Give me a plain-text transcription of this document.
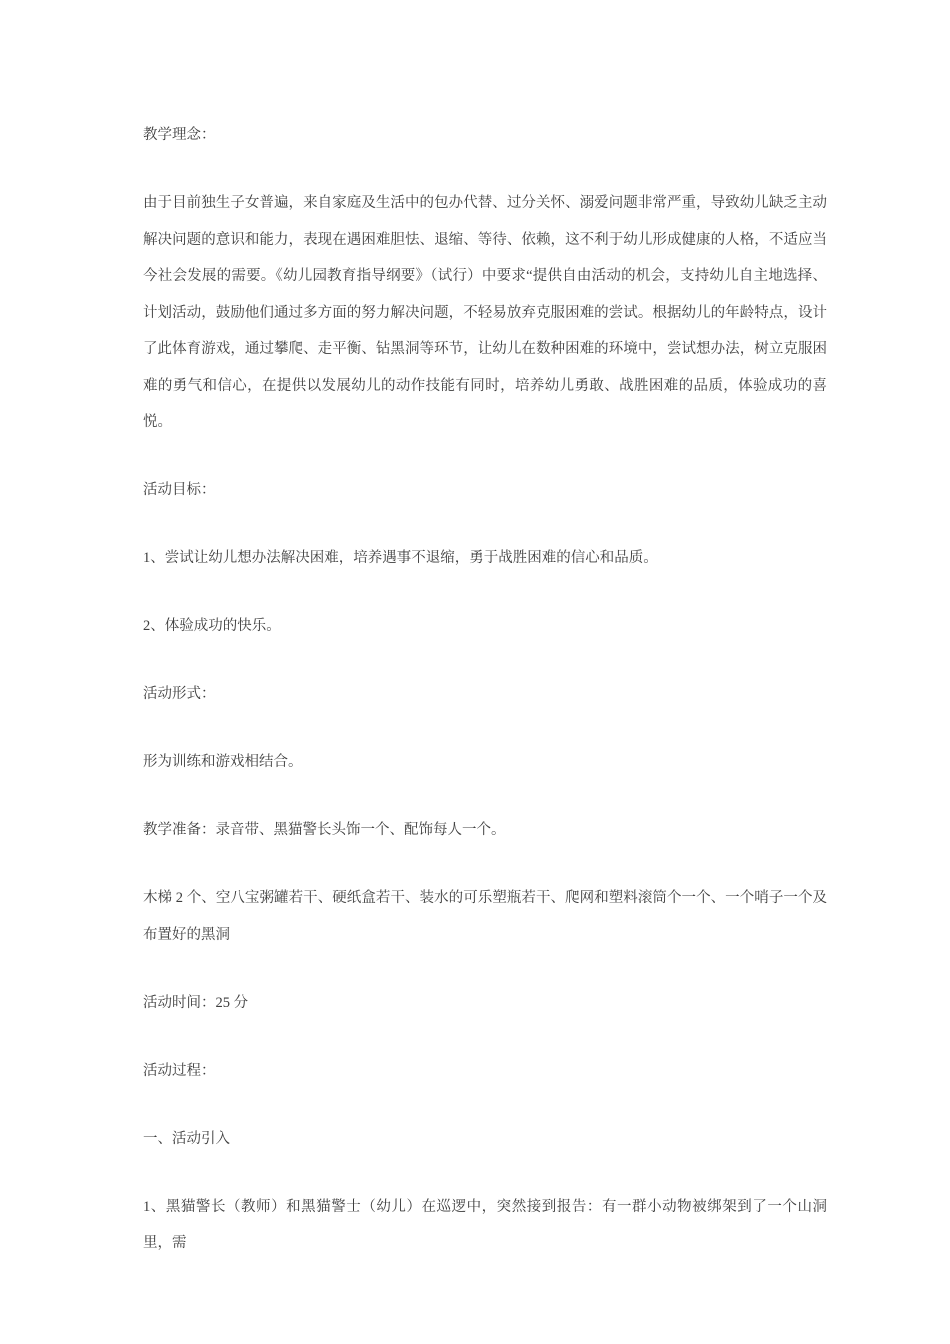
教学理念：

由于目前独生子女普遍，来自家庭及生活中的包办代替、过分关怀、溺爱问题非常严重，导致幼儿缺乏主动解决问题的意识和能力，表现在遇困难胆怯、退缩、等待、依赖，这不利于幼儿形成健康的人格，不适应当今社会发展的需要。《幼儿园教育指导纲要》（试行）中要求“提供自由活动的机会，支持幼儿自主地选择、计划活动，鼓励他们通过多方面的努力解决问题，不轻易放弃克服困难的尝试。根据幼儿的年龄特点，设计了此体育游戏，通过攀爬、走平衡、钻黑洞等环节，让幼儿在数种困难的环境中，尝试想办法，树立克服困难的勇气和信心，在提供以发展幼儿的动作技能有同时，培养幼儿勇敢、战胜困难的品质，体验成功的喜悦。

活动目标：

1、尝试让幼儿想办法解决困难，培养遇事不退缩，勇于战胜困难的信心和品质。

2、体验成功的快乐。

活动形式：

形为训练和游戏相结合。

教学准备：录音带、黑猫警长头饰一个、配饰每人一个。

木梯 2 个、空八宝粥罐若干、硬纸盒若干、装水的可乐塑瓶若干、爬网和塑料滚筒个一个、一个哨子一个及布置好的黑洞

活动时间：25 分

活动过程：

一、活动引入

1、黑猫警长（教师）和黑猫警士（幼儿）在巡逻中，突然接到报告：有一群小动物被绑架到了一个山洞里，需
